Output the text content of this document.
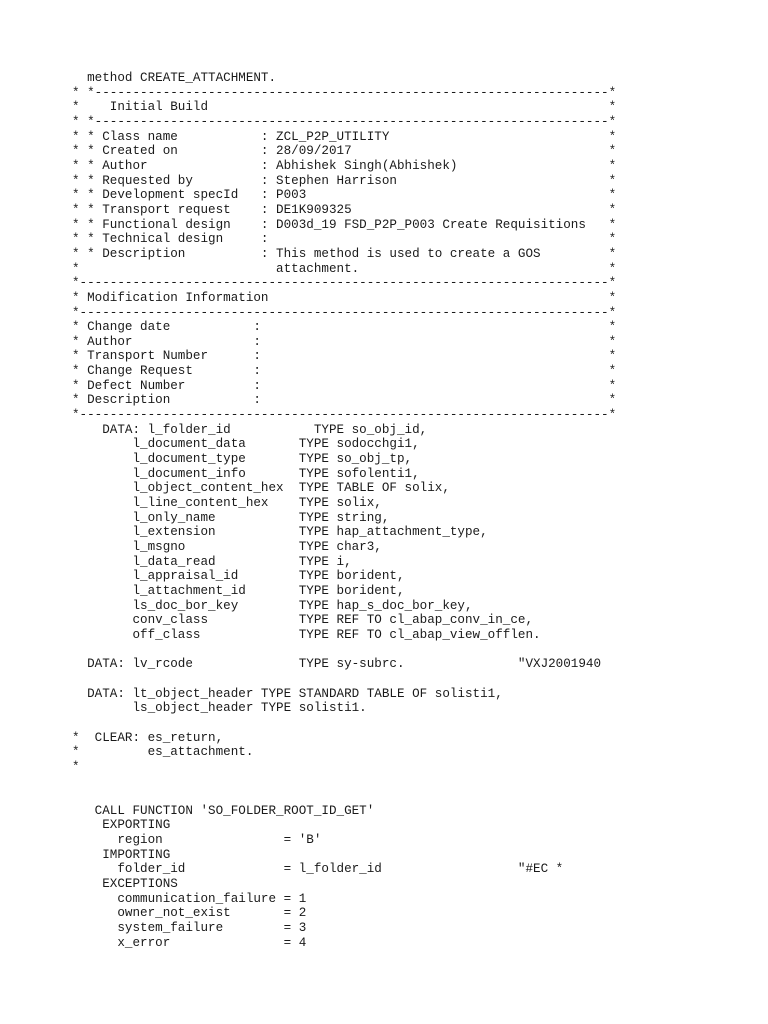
method CREATE_ATTACHMENT.
* *--------------------------------------------------------------------*
*    Initial Build                                                     *
* *--------------------------------------------------------------------*
* * Class name           : ZCL_P2P_UTILITY                             *
* * Created on           : 28/09/2017                                  *
* * Author               : Abhishek Singh(Abhishek)                    *
* * Requested by         : Stephen Harrison                            *
* * Development specId   : P003                                        *
* * Transport request    : DE1K909325                                  *
* * Functional design    : D003d_19 FSD_P2P_P003 Create Requisitions   *
* * Technical design     :                                             *
* * Description          : This method is used to create a GOS         *
*                          attachment.                                 *
*----------------------------------------------------------------------*
* Modification Information                                             *
*----------------------------------------------------------------------*
* Change date           :                                              *
* Author                :                                              *
* Transport Number      :                                              *
* Change Request        :                                              *
* Defect Number         :                                              *
* Description           :                                              *
*----------------------------------------------------------------------*
DATA: l_folder_id           TYPE so_obj_id,
l_document_data       TYPE sodocchgi1,
l_document_type       TYPE so_obj_tp,
l_document_info       TYPE sofolenti1,
l_object_content_hex  TYPE TABLE OF solix,
l_line_content_hex    TYPE solix,
l_only_name           TYPE string,
l_extension           TYPE hap_attachment_type,
l_msgno               TYPE char3,
l_data_read           TYPE i,
l_appraisal_id        TYPE borident,
l_attachment_id       TYPE borident,
ls_doc_bor_key        TYPE hap_s_doc_bor_key,
conv_class            TYPE REF TO cl_abap_conv_in_ce,
off_class             TYPE REF TO cl_abap_view_offlen.
DATA: lv_rcode              TYPE sy-subrc.               "VXJ2001940
DATA: lt_object_header TYPE STANDARD TABLE OF solisti1,
ls_object_header TYPE solisti1.
*  CLEAR: es_return,
*         es_attachment.
*
CALL FUNCTION 'SO_FOLDER_ROOT_ID_GET'
EXPORTING
region                = 'B'
IMPORTING
folder_id             = l_folder_id                  "#EC *
EXCEPTIONS
communication_failure = 1
owner_not_exist       = 2
system_failure        = 3
x_error               = 4
